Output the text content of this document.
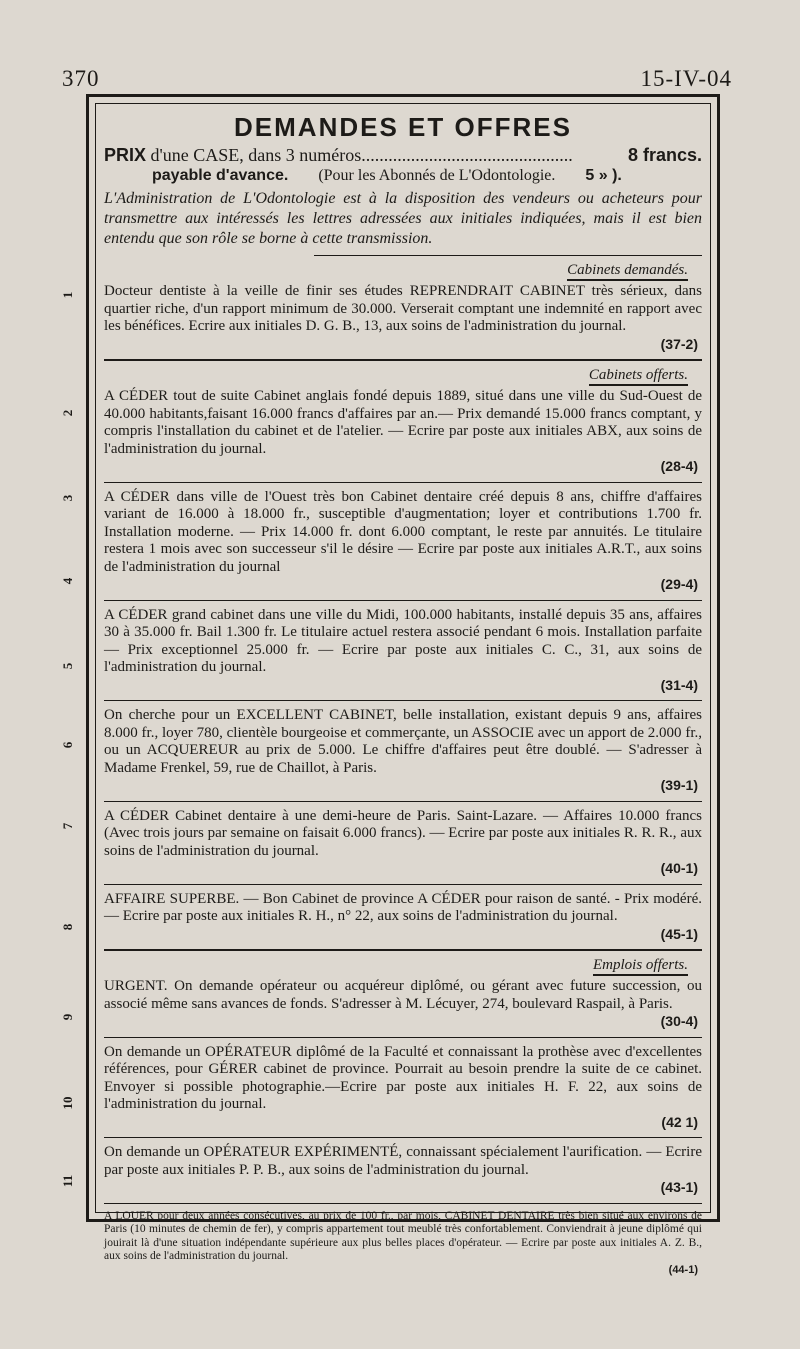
370	15-IV-04
1
2
3
4
5
6
7
8
9
10
11
DEMANDES ET OFFRES
PRIX
d'une CASE, dans 3 numéros ...............................................	8 francs.
payable d'avance. (Pour les Abonnés de L'Odontologie. 5 » ).
L'Administration de L'Odontologie est à la disposition des vendeurs ou acheteurs pour transmettre aux intéressés les lettres adressées aux initiales indiquées, mais il est bien entendu que son rôle se borne à cette transmission.
Cabinets demandés.
Docteur dentiste à la veille de finir ses études REPRENDRAIT CABINET très sérieux, dans quartier riche, d'un rapport minimum de 30.000. Verserait comptant une indemnité en rapport avec les bénéfices. Ecrire aux initiales D. G. B., 13, aux soins de l'administration du journal.
(37-2)
Cabinets offerts.
A CÉDER tout de suite Cabinet anglais fondé depuis 1889, situé dans une ville du Sud-Ouest de 40.000 habitants,faisant 16.000 francs d'affaires par an.— Prix demandé 15.000 francs comptant, y compris l'installation du cabinet et de l'atelier. — Ecrire par poste aux initiales ABX, aux soins de l'administration du journal.
(28-4)
A CÉDER dans ville de l'Ouest très bon Cabinet dentaire créé depuis 8 ans, chiffre d'affaires variant de 16.000 à 18.000 fr., susceptible d'augmentation; loyer et contributions 1.700 fr. Installation moderne. — Prix 14.000 fr. dont 6.000 comptant, le reste par annuités. Le titulaire restera 1 mois avec son successeur s'il le désire — Ecrire par poste aux initiales A.R.T., aux soins de l'administration du journal
(29-4)
A CÉDER grand cabinet dans une ville du Midi, 100.000 habitants, installé depuis 35 ans, affaires 30 à 35.000 fr. Bail 1.300 fr. Le titulaire actuel restera associé pendant 6 mois. Installation parfaite — Prix exceptionnel 25.000 fr. — Ecrire par poste aux initiales C. C., 31, aux soins de l'administration du journal.
(31-4)
On cherche pour un EXCELLENT CABINET, belle installation, existant depuis 9 ans, affaires 8.000 fr., loyer 780, clientèle bourgeoise et commerçante, un ASSOCIE avec un apport de 2.000 fr., ou un ACQUEREUR au prix de 5.000. Le chiffre d'affaires peut être doublé. — S'adresser à Madame Frenkel, 59, rue de Chaillot, à Paris.
(39-1)
A CÉDER Cabinet dentaire à une demi-heure de Paris. Saint-Lazare. — Affaires 10.000 francs (Avec trois jours par semaine on faisait 6.000 francs). — Ecrire par poste aux initiales R. R. R., aux soins de l'administration du journal.
(40-1)
AFFAIRE SUPERBE. — Bon Cabinet de province A CÉDER pour raison de santé. - Prix modéré. — Ecrire par poste aux initiales R. H., n° 22, aux soins de l'administration du journal.
(45-1)
Emplois offerts.
URGENT. On demande opérateur ou acquéreur diplômé, ou gérant avec future succession, ou associé même sans avances de fonds. S'adresser à M. Lécuyer, 274, boulevard Raspail, à Paris.
(30-4)
On demande un OPÉRATEUR diplômé de la Faculté et connaissant la prothèse avec d'excellentes références, pour GÉRER cabinet de province. Pourrait au besoin prendre la suite de ce cabinet. Envoyer si possible photographie.—Ecrire par poste aux initiales H. F. 22, aux soins de l'administration du journal.
(42 1)
On demande un OPÉRATEUR EXPÉRIMENTÉ, connaissant spécialement l'aurification. — Ecrire par poste aux initiales P. P. B., aux soins de l'administration du journal.
(43-1)
A LOUER pour deux années consécutives, au prix de 100 fr., par mois, CABINET DENTAIRE très bien situé aux environs de Paris (10 minutes de chemin de fer), y compris appartement tout meublé très confortablement. Conviendrait à jeune diplômé qui jouirait là d'une situation indépendante supérieure aux plus belles places d'opérateur. — Ecrire par poste aux initiales A. Z. B., aux soins de l'administration du journal.
(44-1)
